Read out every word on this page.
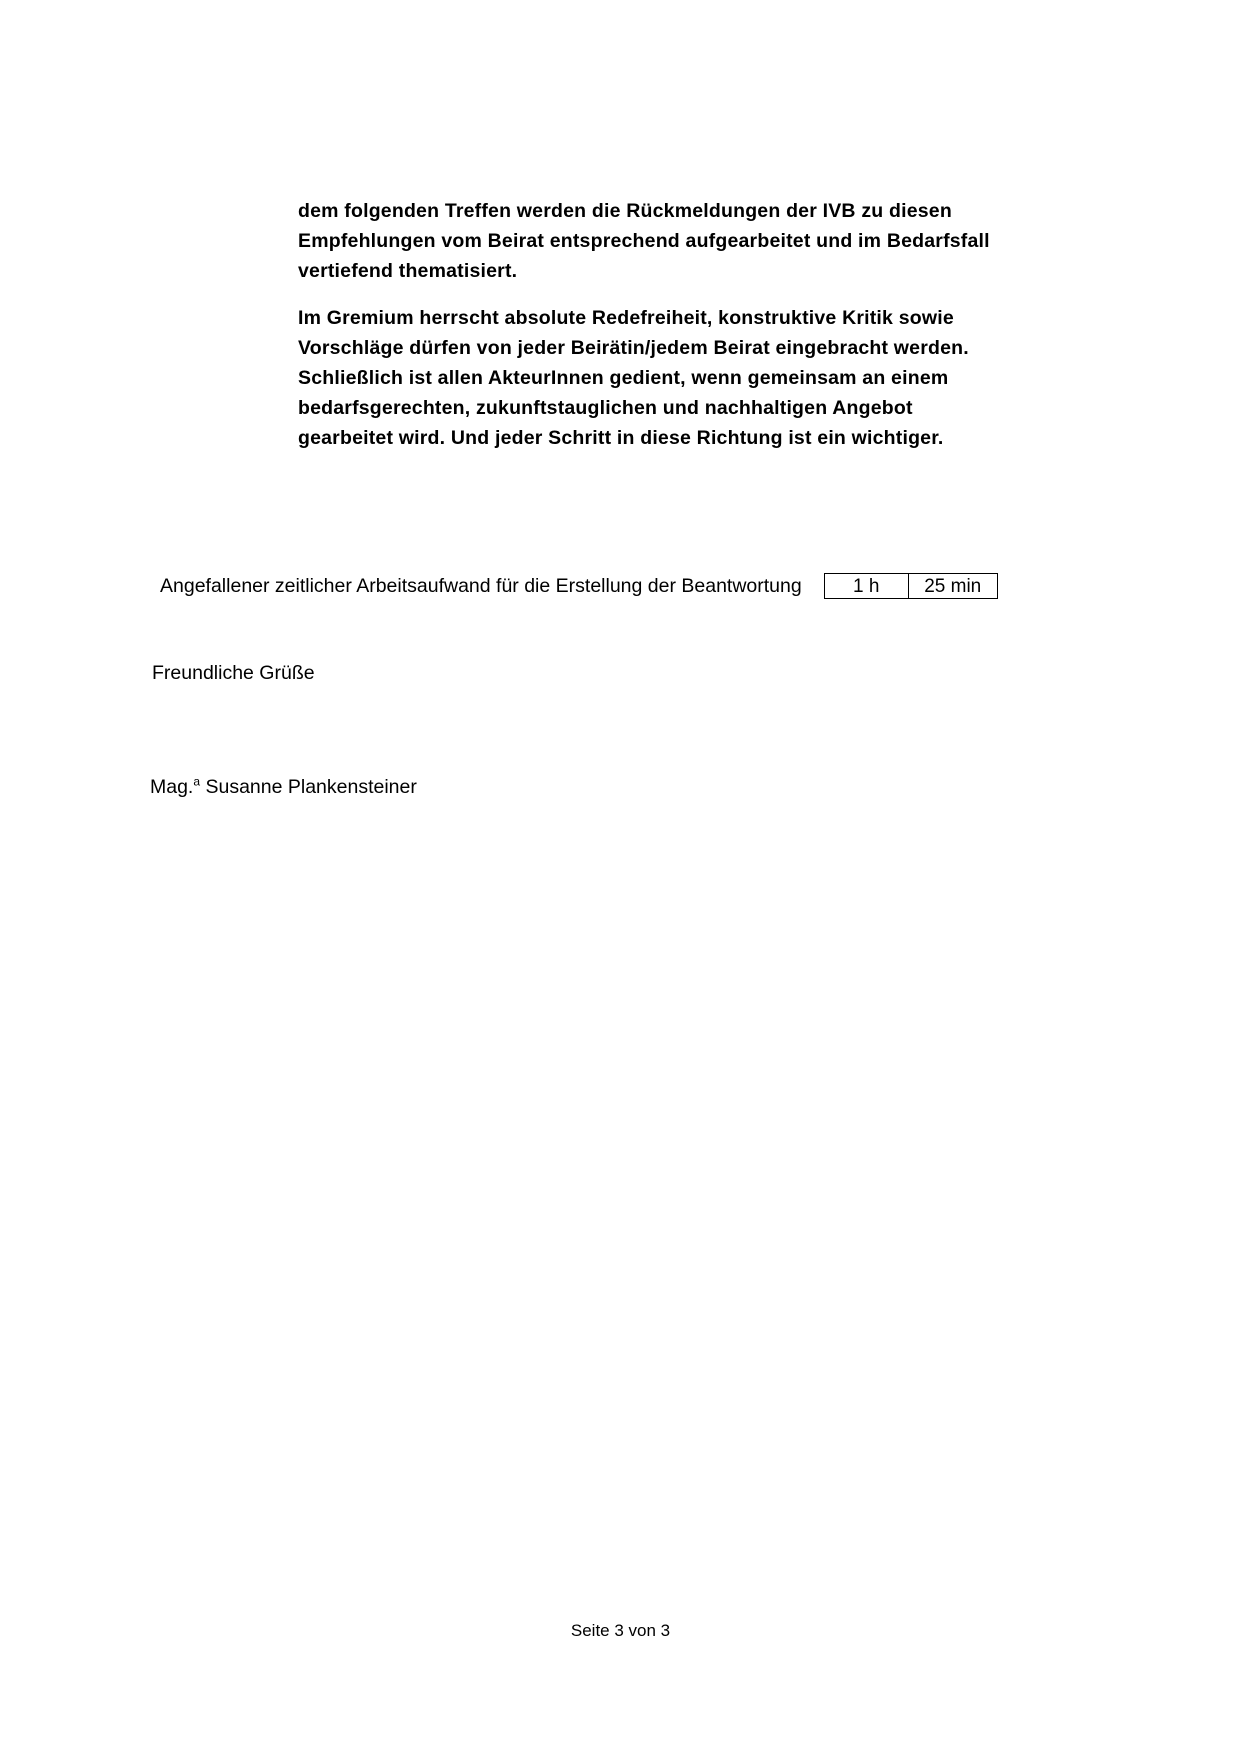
dem folgenden Treffen werden die Rückmeldungen der IVB zu diesen Empfehlungen vom Beirat entsprechend aufgearbeitet und im Bedarfsfall vertiefend thematisiert.

Im Gremium herrscht absolute Redefreiheit, konstruktive Kritik sowie Vorschläge dürfen von jeder Beirätin/jedem Beirat eingebracht werden. Schließlich ist allen AkteurInnen gedient, wenn gemeinsam an einem bedarfsgerechten, zukunftstauglichen und nachhaltigen Angebot gearbeitet wird. Und jeder Schritt in diese Richtung ist ein wichtiger.

Angefallener zeitlicher Arbeitsaufwand für die Erstellung der Beantwortung	1 h	25 min
Freundliche Grüße
Mag.$^a$ Susanne Plankensteiner
Seite 3 von 3
